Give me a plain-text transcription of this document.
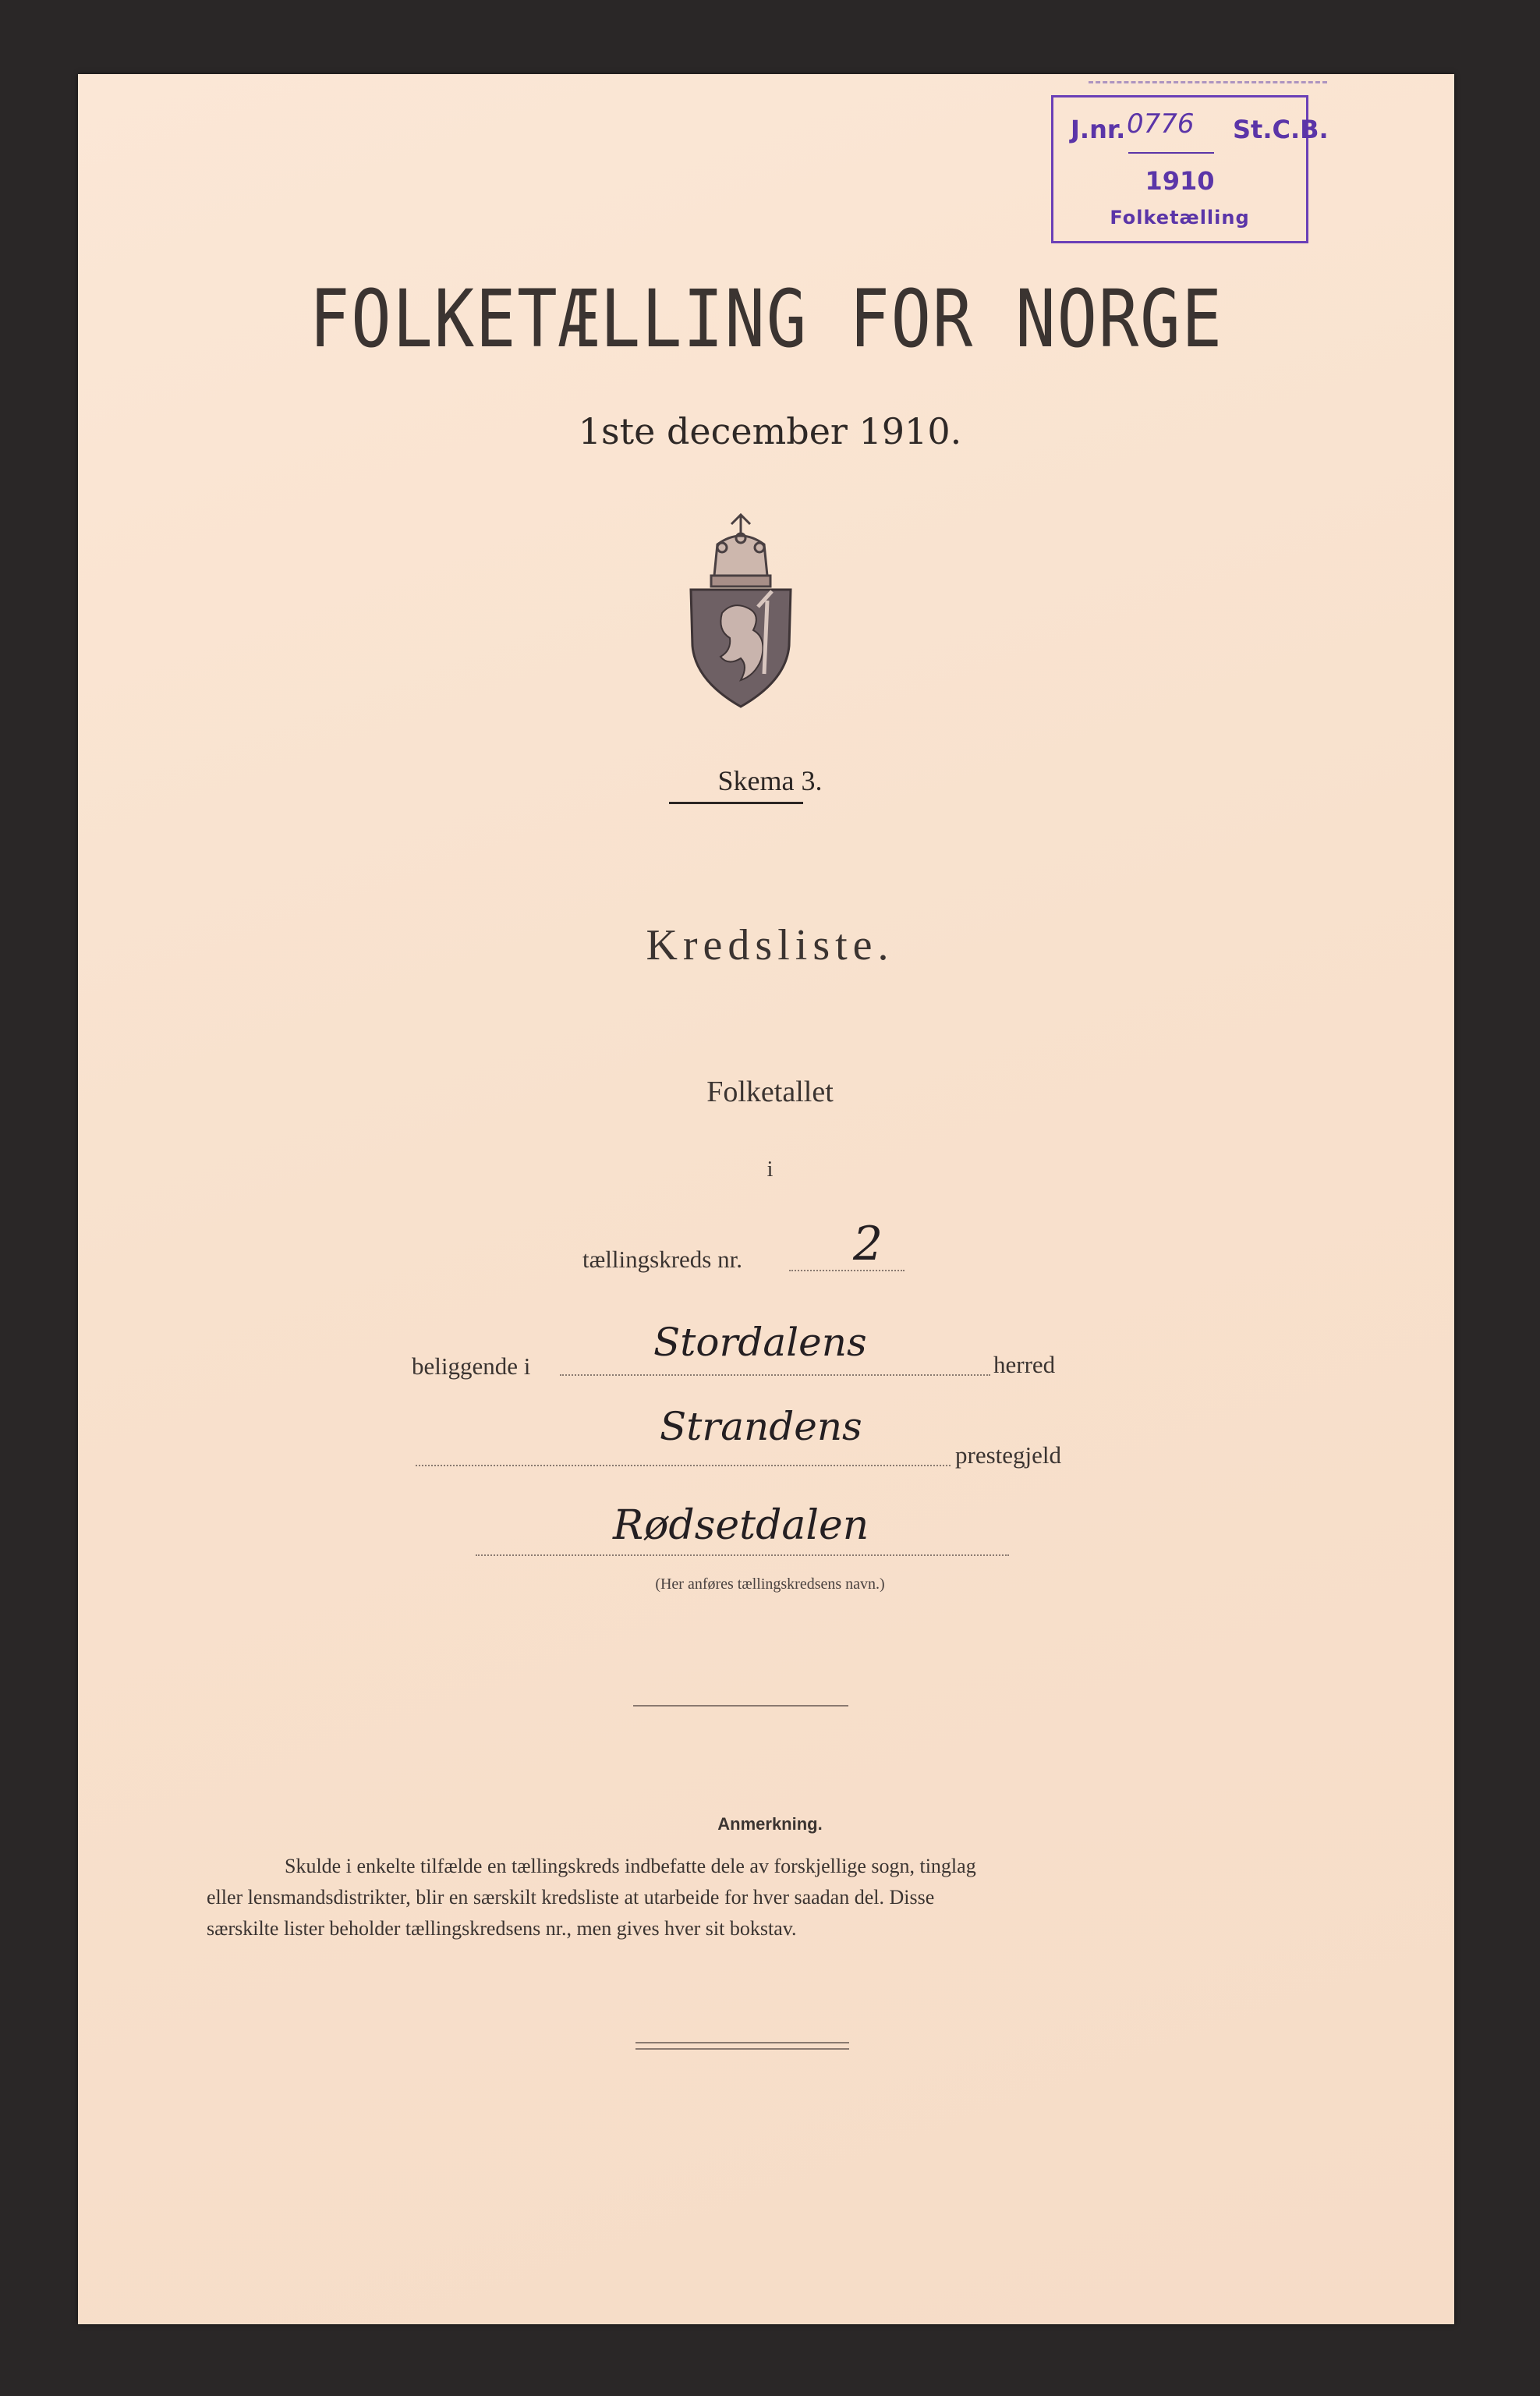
J.nr. 0776 St.C.B.
1910
Folketælling
FOLKETÆLLING FOR NORGE
1ste december 1910.
Skema 3.
Kredsliste.
Folketallet
i
tællingskreds nr. 2
beliggende i
Stordalens	herred
Strandens
prestegjeld
Rødsetdalen
(Her anføres tællingskredsens navn.)
Anmerkning.
Skulde i enkelte tilfælde en tællingskreds indbefatte dele av forskjellige sogn, tinglag
eller lensmandsdistrikter, blir en særskilt kredsliste at utarbeide for hver saadan del. Disse
særskilte lister beholder tællingskredsens nr., men gives hver sit bokstav.
